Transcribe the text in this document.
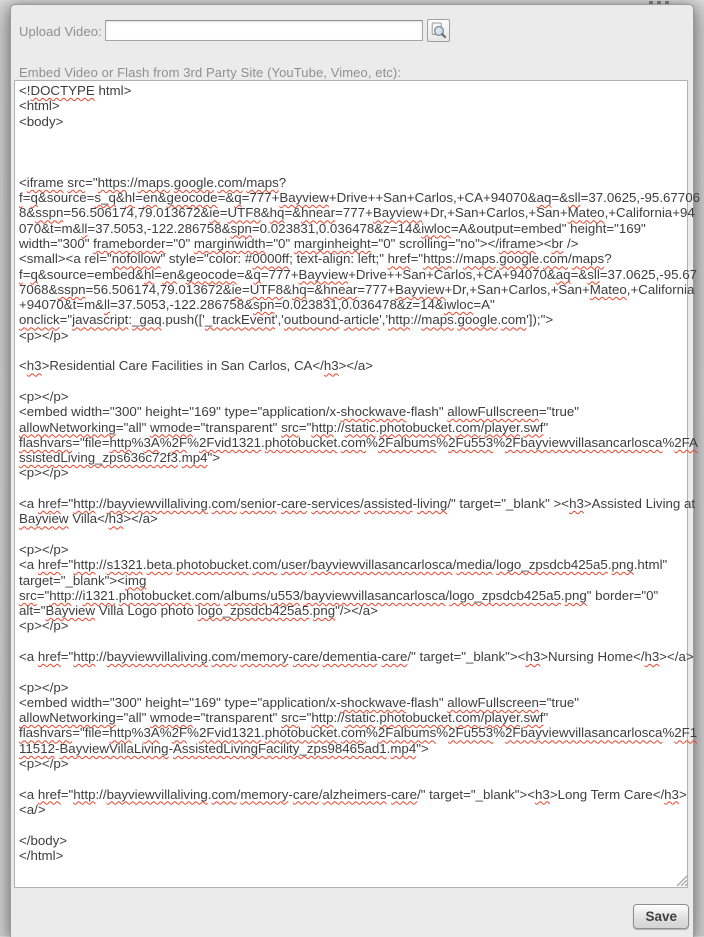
Upload Video:
Embed Video or Flash from 3rd Party Site (YouTube, Vimeo, etc):
<!DOCTYPE html>
<html>
<body>

<iframe src="https://maps.google.com/maps?
f=q&source=s_q&hl=en&geocode=&q=777+Bayview+Drive++San+Carlos,+CA+94070&aq=&sll=37.0625,-95.67706
8&sspn=56.506174,79.013672&ie=UTF8&hq=&hnear=777+Bayview+Dr,+San+Carlos,+San+Mateo,+California+94
070&t=m&ll=37.5053,-122.286758&spn=0.023831,0.036478&z=14&iwloc=A&output=embed" height="169"
width="300" frameborder="0" marginwidth="0" marginheight="0" scrolling="no"></iframe><br />
<small><a rel="nofollow" style="color: #0000ff; text-align: left;" href="https://maps.google.com/maps?
f=q&source=embed&hl=en&geocode=&q=777+Bayview+Drive++San+Carlos,+CA+94070&aq=&sll=37.0625,-95.67
7068&sspn=56.506174,79.013672&ie=UTF8&hq=&hnear=777+Bayview+Dr,+San+Carlos,+San+Mateo,+California
+94070&t=m&ll=37.5053,-122.286758&spn=0.023831,0.036478&z=14&iwloc=A"
onclick="javascript:_gaq.push(['_trackEvent','outbound-article','http://maps.google.com']);">
<p></p>

<h3>Residential Care Facilities in San Carlos, CA</h3></a>

<p></p>
<embed width="300" height="169" type="application/x-shockwave-flash" allowFullscreen="true"
allowNetworking="all" wmode="transparent" src="http://static.photobucket.com/player.swf"
flashvars="file=http%3A%2F%2Fvid1321.photobucket.com%2Falbums%2Fu553%2Fbayviewvillasancarlosca%2FA
ssistedLiving_zps636c72f3.mp4">
<p></p>

<a href="http://bayviewvillaliving.com/senior-care-services/assisted-living/" target="_blank" ><h3>Assisted Living at
Bayview Villa</h3></a>

<p></p>
<a href="http://s1321.beta.photobucket.com/user/bayviewvillasancarlosca/media/logo_zpsdcb425a5.png.html"
target="_blank"><img
src="http://i1321.photobucket.com/albums/u553/bayviewvillasancarlosca/logo_zpsdcb425a5.png" border="0"
alt="Bayview Villa Logo photo logo_zpsdcb425a5.png"/></a>
<p></p>

<a href="http://bayviewvillaliving.com/memory-care/dementia-care/" target="_blank"><h3>Nursing Home</h3></a>

<p></p>
<embed width="300" height="169" type="application/x-shockwave-flash" allowFullscreen="true"
allowNetworking="all" wmode="transparent" src="http://static.photobucket.com/player.swf"
flashvars="file=http%3A%2F%2Fvid1321.photobucket.com%2Falbums%2Fu553%2Fbayviewvillasancarlosca%2F1
11512-BayviewVillaLiving-AssistedLivingFacility_zps98465ad1.mp4">
<p></p>

<a href="http://bayviewvillaliving.com/memory-care/alzheimers-care/" target="_blank"><h3>Long Term Care</h3>
<a/>

</body>
</html>
Save
